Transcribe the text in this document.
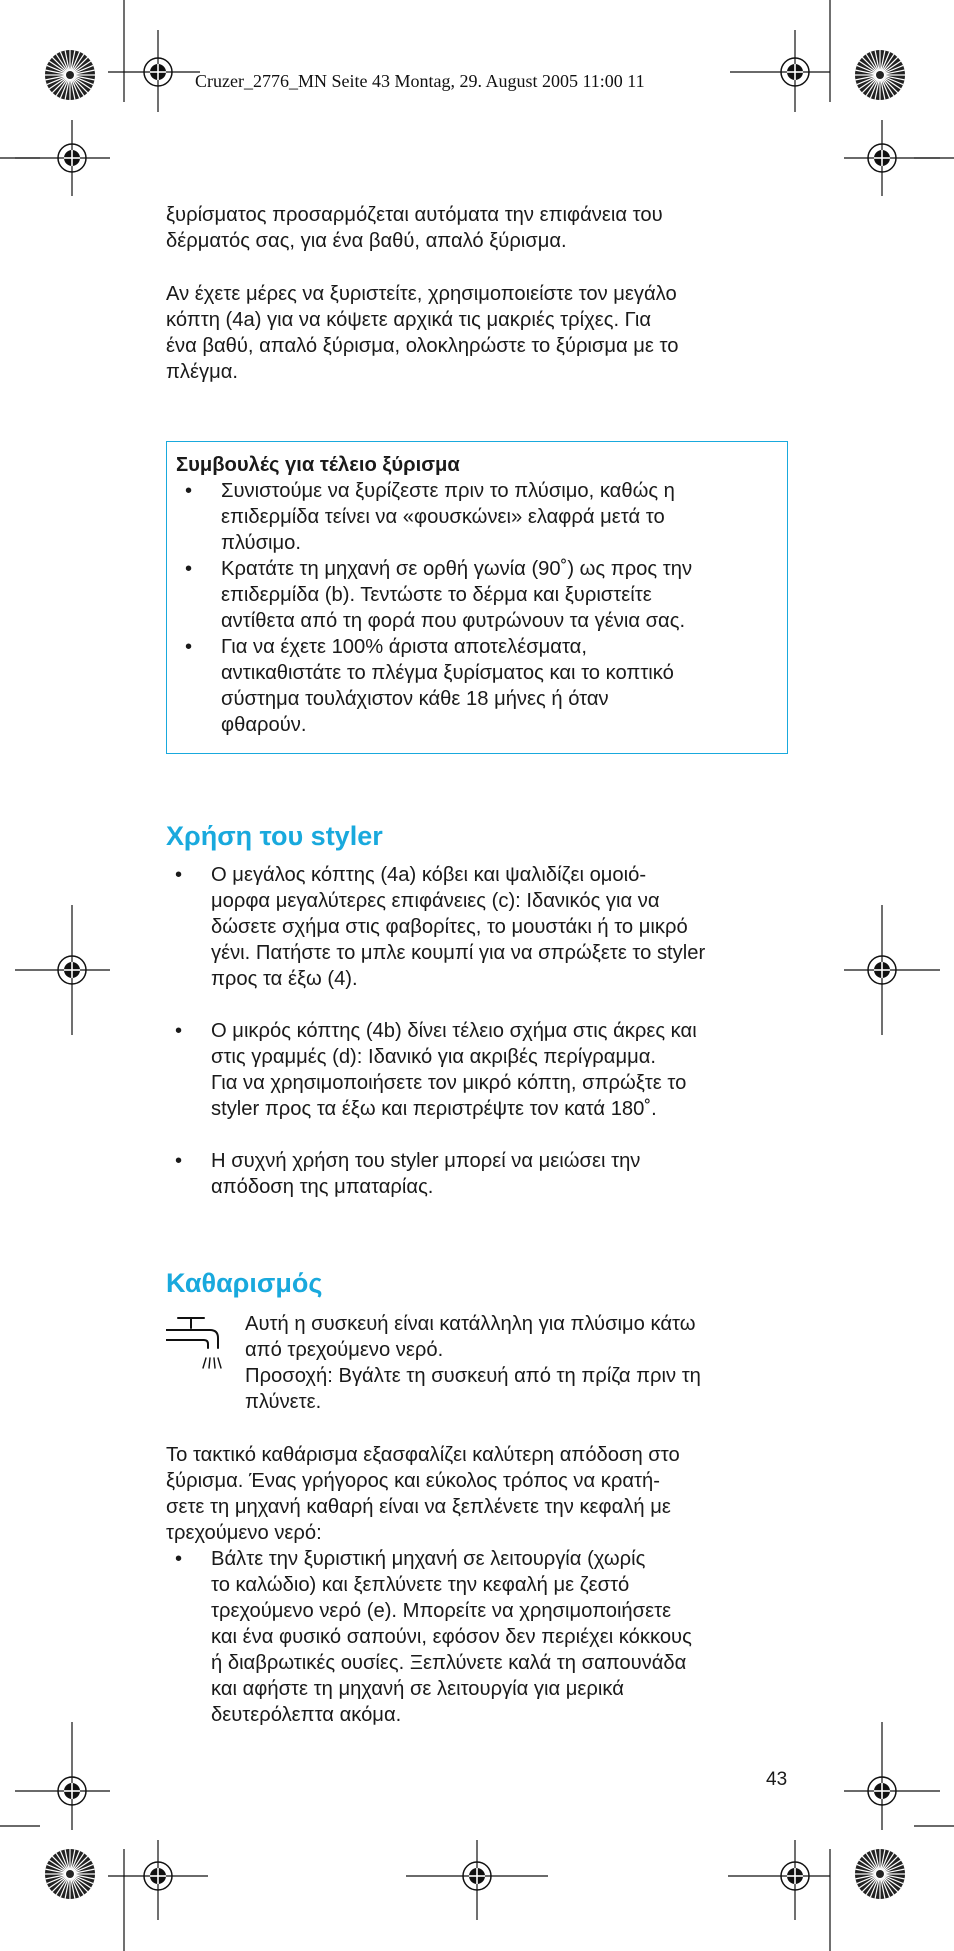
Cruzer_2776_MN Seite 43 Montag, 29. August 2005 11:00 11

ξυρίσματος προσαρμόζεται αυτόματα την επιφάνεια του

δέρματός σας, για ένα βαθύ, απαλό ξύρισμα.

Αν έχετε μέρες να ξυριστείτε, χρησιμοποιείστε τον μεγάλο

κόπτη (4a) για να κόψετε αρχικά τις μακριές τρίχες. Για

ένα βαθύ, απαλό ξύρισμα, ολοκληρώστε το ξύρισμα με το

πλέγμα.

Συμβουλές για τέλειο ξύρισμα

• Συνιστούμε να ξυρίζεστε πριν το πλύσιμο, καθώς η
επιδερμίδα τείνει να «φουσκώνει» ελαφρά μετά το
πλύσιμο.
• Κρατάτε τη μηχανή σε ορθή γωνία (90˚) ως προς την
επιδερμίδα (b). Τεντώστε το δέρμα και ξυριστείτε
αντίθετα από τη φορά που φυτρώνουν τα γένια σας.
• Για να έχετε 100% άριστα αποτελέσματα,
αντικαθιστάτε το πλέγμα ξυρίσματος και το κοπτικό
σύστημα τουλάχιστον κάθε 18 μήνες ή όταν
φθαρούν.
Χρήση του styler
• Ο μεγάλος κόπτης (4a) κόβει και ψαλιδίζει ομοιό-
μορφα μεγαλύτερες επιφάνειες (c): Ιδανικός για να
δώσετε σχήμα στις φαβορίτες, το μουστάκι ή το μικρό
γένι. Πατήστε το μπλε κουμπί για να σπρώξετε το styler
προς τα έξω (4).
• Ο μικρός κόπτης (4b) δίνει τέλειο σχήμα στις άκρες και
στις γραμμές (d): Ιδανικό για ακριβές περίγραμμα.
Για να χρησιμοποιήσετε τον μικρό κόπτη, σπρώξτε το
styler προς τα έξω και περιστρέψτε τον κατά 180˚.
• Η συχνή χρήση του styler μπορεί να μειώσει την
απόδοση της μπαταρίας.
Καθαρισμός

Αυτή η συσκευή είναι κατάλληλη για πλύσιμο κάτω

από τρεχούμενο νερό.

Προσοχή: Βγάλτε τη συσκευή από τη πρίζα πριν τη

πλύνετε.

Το τακτικό καθάρισμα εξασφαλίζει καλύτερη απόδοση στο

ξύρισμα. Ένας γρήγορος και εύκολος τρόπος να κρατή-

σετε τη μηχανή καθαρή είναι να ξεπλένετε την κεφαλή με

τρεχούμενο νερό:

• Βάλτε την ξυριστική μηχανή σε λειτουργία (χωρίς
το καλώδιο) και ξεπλύνετε την κεφαλή με ζεστό
τρεχούμενο νερό (e). Μπορείτε να χρησιμοποιήσετε
και ένα φυσικό σαπούνι, εφόσον δεν περιέχει κόκκους
ή διαβρωτικές ουσίες. Ξεπλύνετε καλά τη σαπουνάδα
και αφήστε τη μηχανή σε λειτουργία για μερικά
δευτερόλεπτα ακόμα.
43
